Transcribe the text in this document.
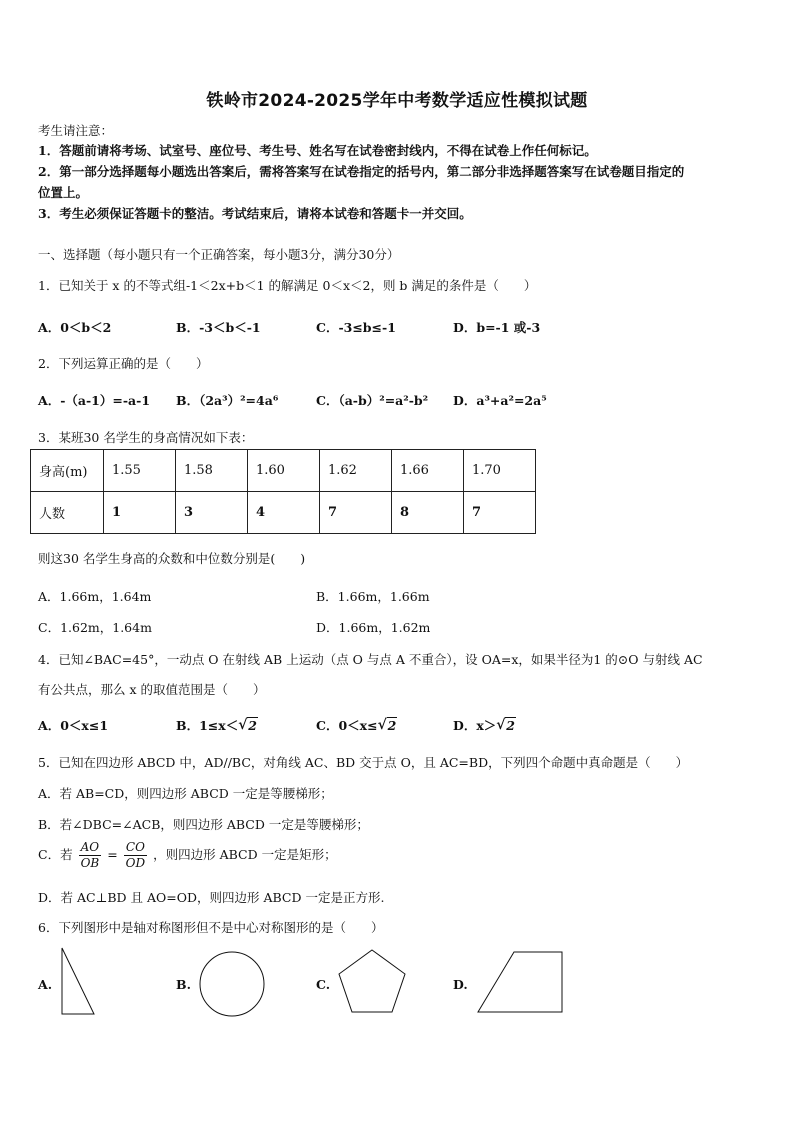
铁岭市2024-2025学年中考数学适应性模拟试题
考生请注意：
1．答题前请将考场、试室号、座位号、考生号、姓名写在试卷密封线内，不得在试卷上作任何标记。
2．第一部分选择题每小题选出答案后，需将答案写在试卷指定的括号内，第二部分非选择题答案写在试卷题目指定的
位置上。
3．考生必须保证答题卡的整洁。考试结束后，请将本试卷和答题卡一并交回。
一、选择题（每小题只有一个正确答案，每小题3分，满分30分）
1．已知关于 x 的不等式组-1＜2x+b＜1 的解满足 0＜x＜2，则 b 满足的条件是（　　）
A．0＜b＜2	B．-3＜b＜-1	C．-3≤b≤-1	D．b=-1 或-3
2．下列运算正确的是（　　）
A．-（a-1）=-a-1 B．（2a³）²=4a⁶	C．（a-b）²=a²-b² D．a³+a²=2a⁵
3．某班30 名学生的身高情况如下表：
身高(m)	1.55	1.58	1.60	1.62	1.66	1.70
人数	1	3	4	7	8	7
则这30 名学生身高的众数和中位数分别是(　　)
A．1.66m，1.64m	B．1.66m，1.66m
C．1.62m，1.64m	D．1.66m，1.62m
4．已知∠BAC=45°，一动点 O 在射线 AB 上运动（点 O 与点 A 不重合），设 OA=x，如果半径为1 的⊙O 与射线 AC
有公共点，那么 x 的取值范围是（　　）
A．0＜x≤1	B．1≤x＜ √ 2	C．0＜x≤ √ 2	D．x＞ √ 2
5．已知在四边形 ABCD 中，AD//BC，对角线 AC、BD 交于点 O，且 AC=BD，下列四个命题中真命题是（　　）
A．若 AB=CD，则四边形 ABCD 一定是等腰梯形；
B．若∠DBC=∠ACB，则四边形 ABCD 一定是等腰梯形；
C．若 $\frac{AO}{OB} = \frac{CO}{OD}$ ，则四边形 ABCD 一定是矩形；
D．若 AC⊥BD 且 AO=OD，则四边形 ABCD 一定是正方形.
6．下列图形中是轴对称图形但不是中心对称图形的是（　　）
A.	B.	C.	D.
